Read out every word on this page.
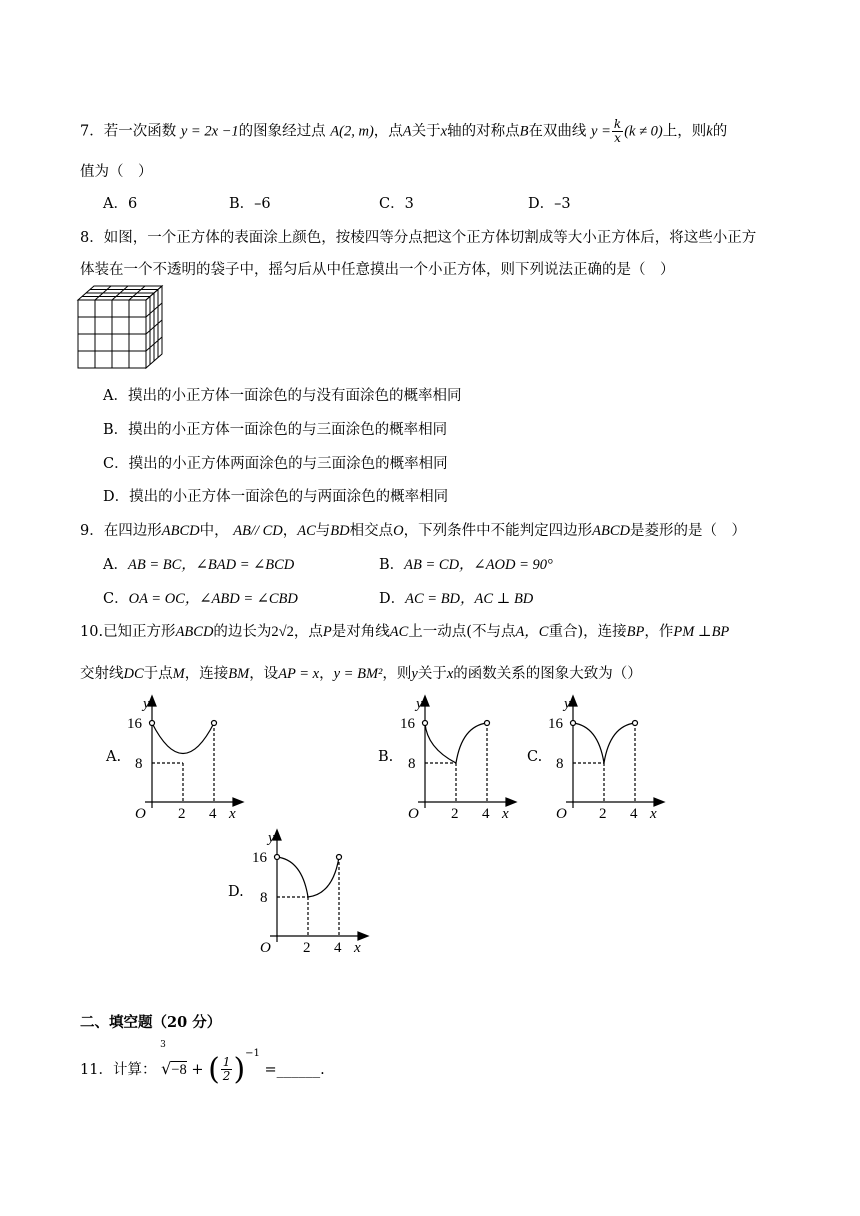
7．若一次函数 y = 2x −1的图象经过点 A(2, m)，点A关于x轴的对称点B在双曲线 $y = \frac{k}{x} (k \ne 0)$上，则k的
值为（　）
A．6	B．–6	C．3	D．–3
8．如图，一个正方体的表面涂上颜色，按棱四等分点把这个正方体切割成等大小正方体后，将这些小正方
体装在一个不透明的袋子中，摇匀后从中任意摸出一个小正方体，则下列说法正确的是（　）
A．摸出的小正方体一面涂色的与没有面涂色的概率相同
B．摸出的小正方体一面涂色的与三面涂色的概率相同
C．摸出的小正方体两面涂色的与三面涂色的概率相同
D．摸出的小正方体一面涂色的与两面涂色的概率相同
9．在四边形ABCD中， AB// CD，AC与BD相交点O，下列条件中不能判定四边形ABCD是菱形的是（　）
A．AB = BC，∠BAD = ∠BCD	B．AB = CD，∠AOD = 90°
C．OA = OC，∠ABD = ∠CBD	D．AC = BD，AC ⊥ BD
10.已知正方形ABCD的边长为2√2，点P是对角线AC上一动点(不与点A，C重合)，连接BP，作PM ⊥BP
交射线DC于点M，连接BM，设AP = x，y = BM²，则y关于x的函数关系的图象大致为（）
A.	B.	C.
D.
y
16
8
O 2 4 x
y
16
8
O 2 4 x
y
16
8
O 2 4 x
y
16
8
O 2 4 x
二、填空题（20 分）
11．计算：
3
√−8 + ( $\frac{1}{2} )^{-1}$ =______.
